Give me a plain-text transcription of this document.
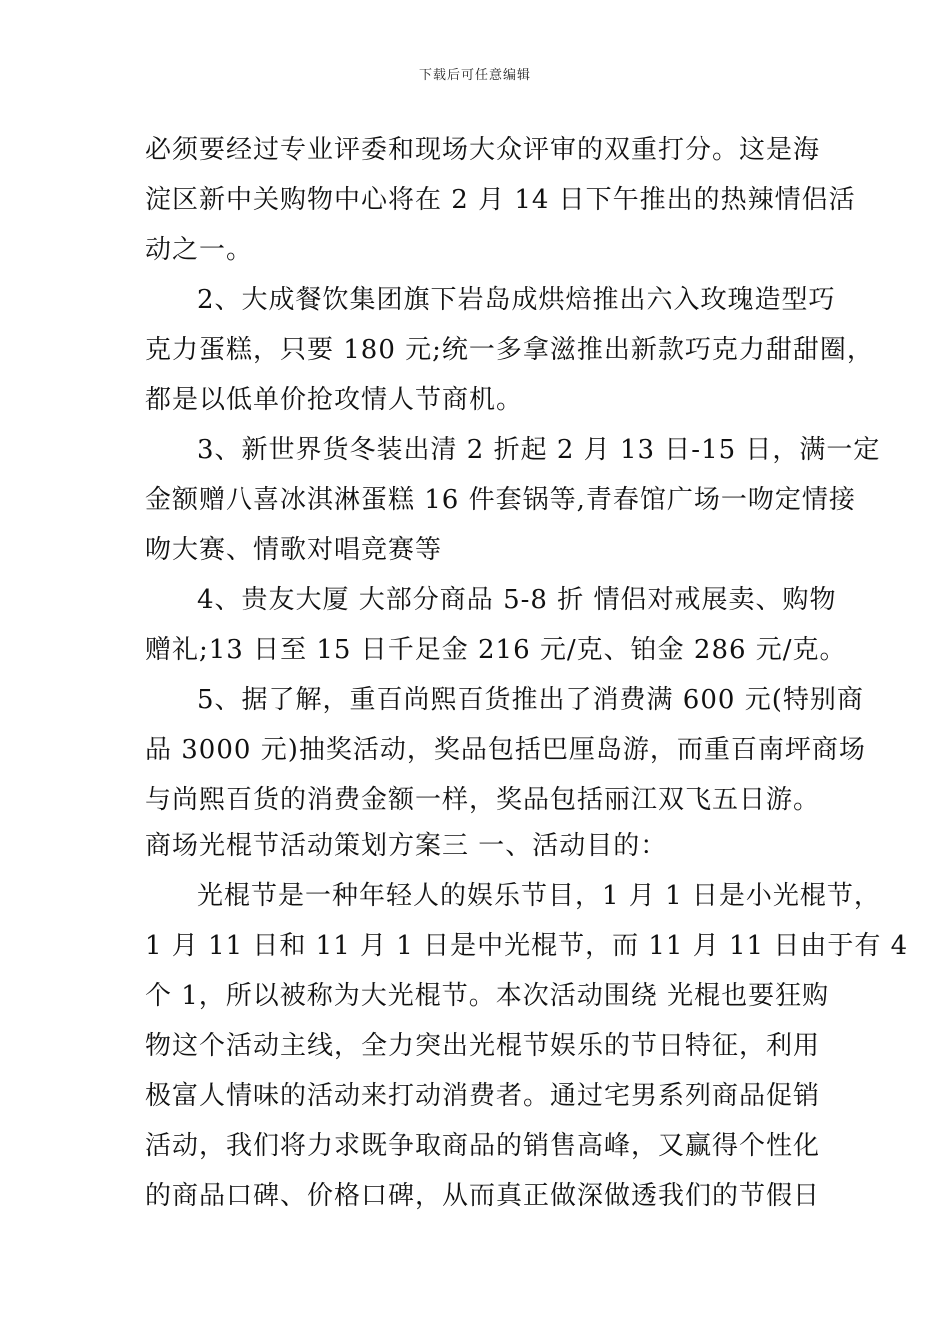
下载后可任意编辑
必须要经过专业评委和现场大众评审的双重打分。这是海
淀区新中关购物中心将在 2 月 14 日下午推出的热辣情侣活
动之一。
2、大成餐饮集团旗下岩岛成烘焙推出六入玫瑰造型巧
克力蛋糕，只要 180 元;统一多拿滋推出新款巧克力甜甜圈，
都是以低单价抢攻情人节商机。
3、新世界货冬装出清 2 折起 2 月 13 日-15 日，满一定
金额赠八喜冰淇淋蛋糕 16 件套锅等,青春馆广场一吻定情接
吻大赛、情歌对唱竞赛等
4、贵友大厦 大部分商品 5-8 折 情侣对戒展卖、购物
赠礼;13 日至 15 日千足金 216 元/克、铂金 286 元/克。
5、据了解，重百尚熙百货推出了消费满 600 元(特别商
品 3000 元)抽奖活动，奖品包括巴厘岛游，而重百南坪商场
与尚熙百货的消费金额一样，奖品包括丽江双飞五日游。
商场光棍节活动策划方案三 一、活动目的：
光棍节是一种年轻人的娱乐节目，1 月 1 日是小光棍节，
1 月 11 日和 11 月 1 日是中光棍节，而 11 月 11 日由于有 4
个 1，所以被称为大光棍节。本次活动围绕 光棍也要狂购
物这个活动主线，全力突出光棍节娱乐的节日特征，利用
极富人情味的活动来打动消费者。通过宅男系列商品促销
活动，我们将力求既争取商品的销售高峰，又赢得个性化
的商品口碑、价格口碑，从而真正做深做透我们的节假日
